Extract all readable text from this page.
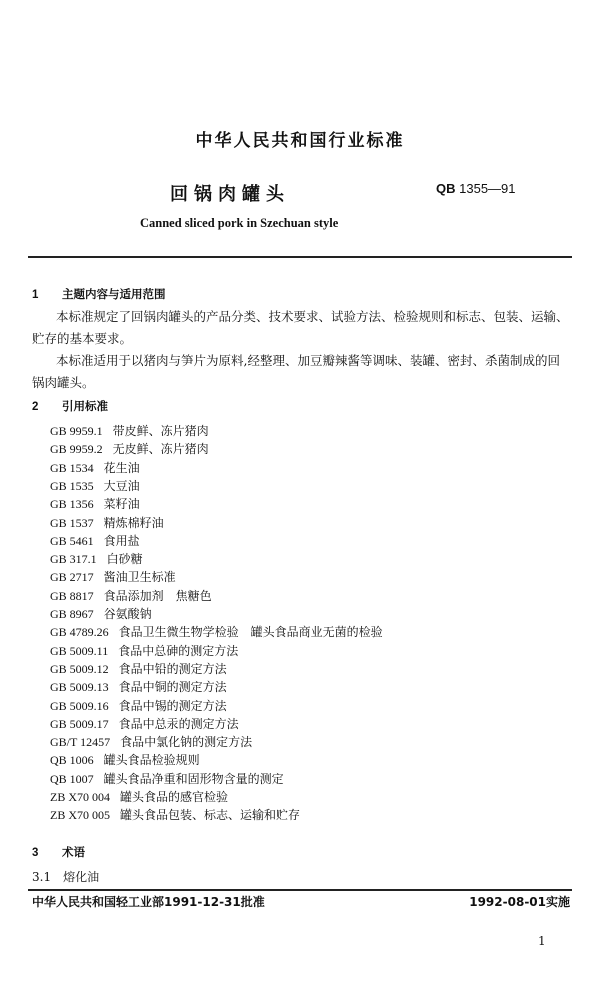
中华人民共和国行业标准
回锅肉罐头	QB 1355—91
Canned sliced pork in Szechuan style
1 主题内容与适用范围
本标准规定了回锅肉罐头的产品分类、技术要求、试验方法、检验规则和标志、包装、运输、贮存的基本要求。
本标准适用于以猪肉与笋片为原料,经整理、加豆瓣辣酱等调味、装罐、密封、杀菌制成的回锅肉罐头。
2 引用标准
GB 9959.1 带皮鲜、冻片猪肉
GB 9959.2 无皮鲜、冻片猪肉
GB 1534 花生油
GB 1535 大豆油
GB 1356 菜籽油
GB 1537 精炼棉籽油
GB 5461 食用盐
GB 317.1 白砂糖
GB 2717 酱油卫生标准
GB 8817 食品添加剂　焦糖色
GB 8967 谷氨酸钠
GB 4789.26 食品卫生微生物学检验　罐头食品商业无菌的检验
GB 5009.11 食品中总砷的测定方法
GB 5009.12 食品中铅的测定方法
GB 5009.13 食品中铜的测定方法
GB 5009.16 食品中锡的测定方法
GB 5009.17 食品中总汞的测定方法
GB/T 12457 食品中氯化钠的测定方法
QB 1006 罐头食品检验规则
QB 1007 罐头食品净重和固形物含量的测定
ZB X70 004 罐头食品的感官检验
ZB X70 005 罐头食品包装、标志、运输和贮存
3 术语
3.1　 熔化油
中华人民共和国轻工业部1991-12-31批准	1992-08-01实施
1
